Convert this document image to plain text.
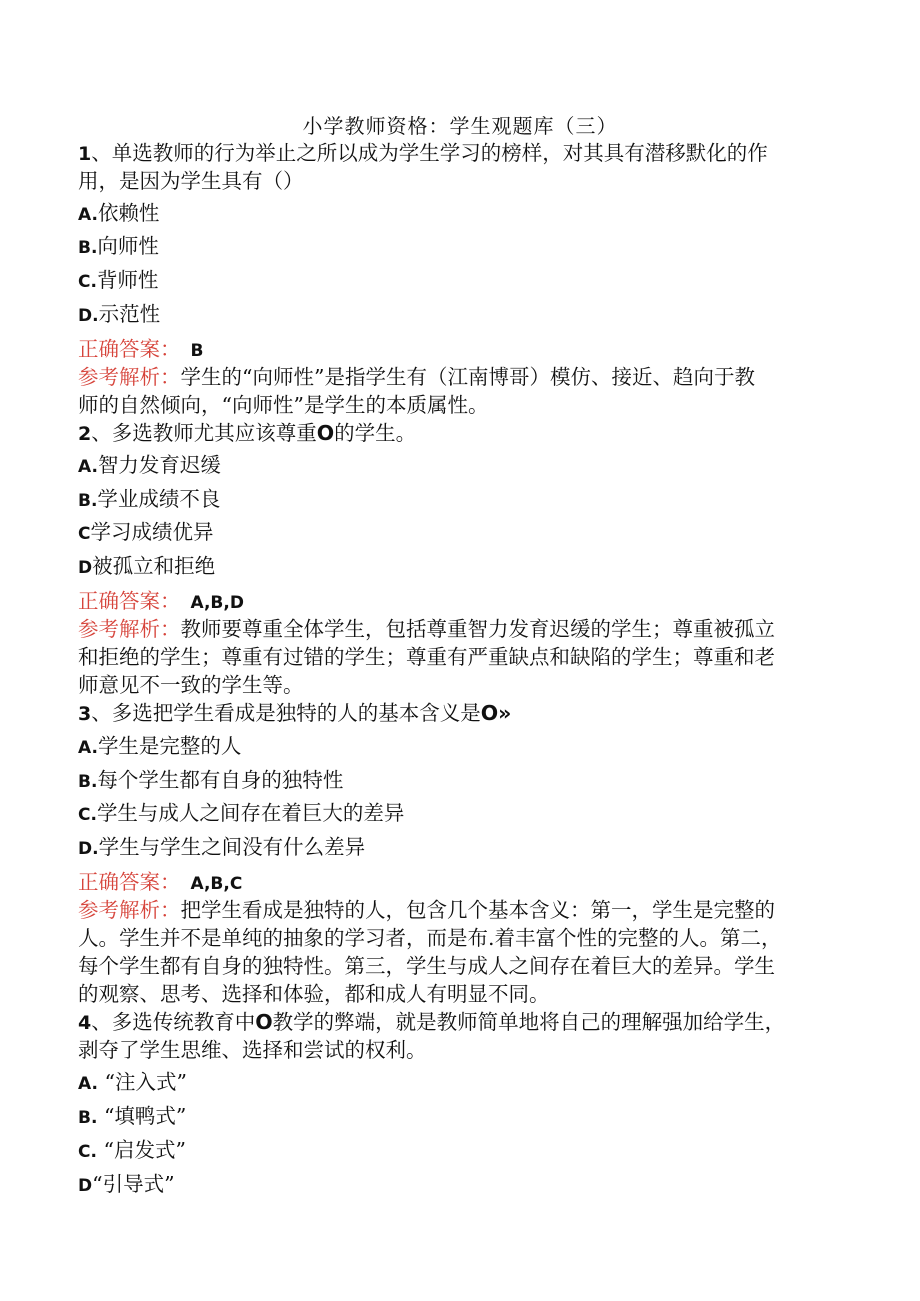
小学教师资格：学生观题库（三）
1、单选教师的行为举止之所以成为学生学习的榜样，对其具有潜移默化的作
用，是因为学生具有（）
A.依赖性
B.向师性
C.背师性
D.示范性
正确答案： B
参考解析：学生的“向师性”是指学生有（江南博哥）模仿、接近、趋向于教
师的自然倾向，“向师性”是学生的本质属性。
2、多选教师尤其应该尊重O的学生。
A.智力发育迟缓
B.学业成绩不良
C学习成绩优异
D被孤立和拒绝
正确答案： A,B,D
参考解析：教师要尊重全体学生，包括尊重智力发育迟缓的学生；尊重被孤立
和拒绝的学生；尊重有过错的学生；尊重有严重缺点和缺陷的学生；尊重和老
师意见不一致的学生等。
3、多选把学生看成是独特的人的基本含义是O»
A.学生是完整的人
B.每个学生都有自身的独特性
C.学生与成人之间存在着巨大的差异
D.学生与学生之间没有什么差异
正确答案： A,B,C
参考解析：把学生看成是独特的人，包含几个基本含义：第一，学生是完整的
人。学生并不是单纯的抽象的学习者，而是布.着丰富个性的完整的人。第二，
每个学生都有自身的独特性。第三，学生与成人之间存在着巨大的差异。学生
的观察、思考、选择和体验，都和成人有明显不同。
4、多选传统教育中O教学的弊端，就是教师简单地将自己的理解强加给学生，
剥夺了学生思维、选择和尝试的权利。
A. “注入式”
B. “填鸭式”
C. “启发式”
D“引导式”
